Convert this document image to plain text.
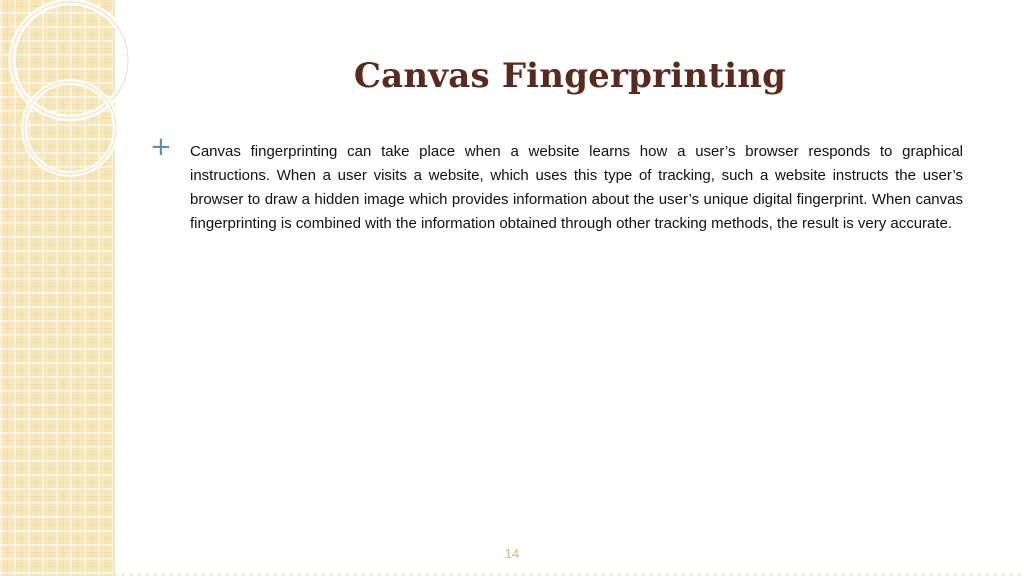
Canvas Fingerprinting
+ Canvas fingerprinting can take place when a website learns how a user’s browser responds to graphical instructions. When a user visits a website, which uses this type of tracking, such a website instructs the user’s browser to draw a hidden image which provides information about the user’s unique digital fingerprint. When canvas fingerprinting is combined with the information obtained through other tracking methods, the result is very accurate.

14
